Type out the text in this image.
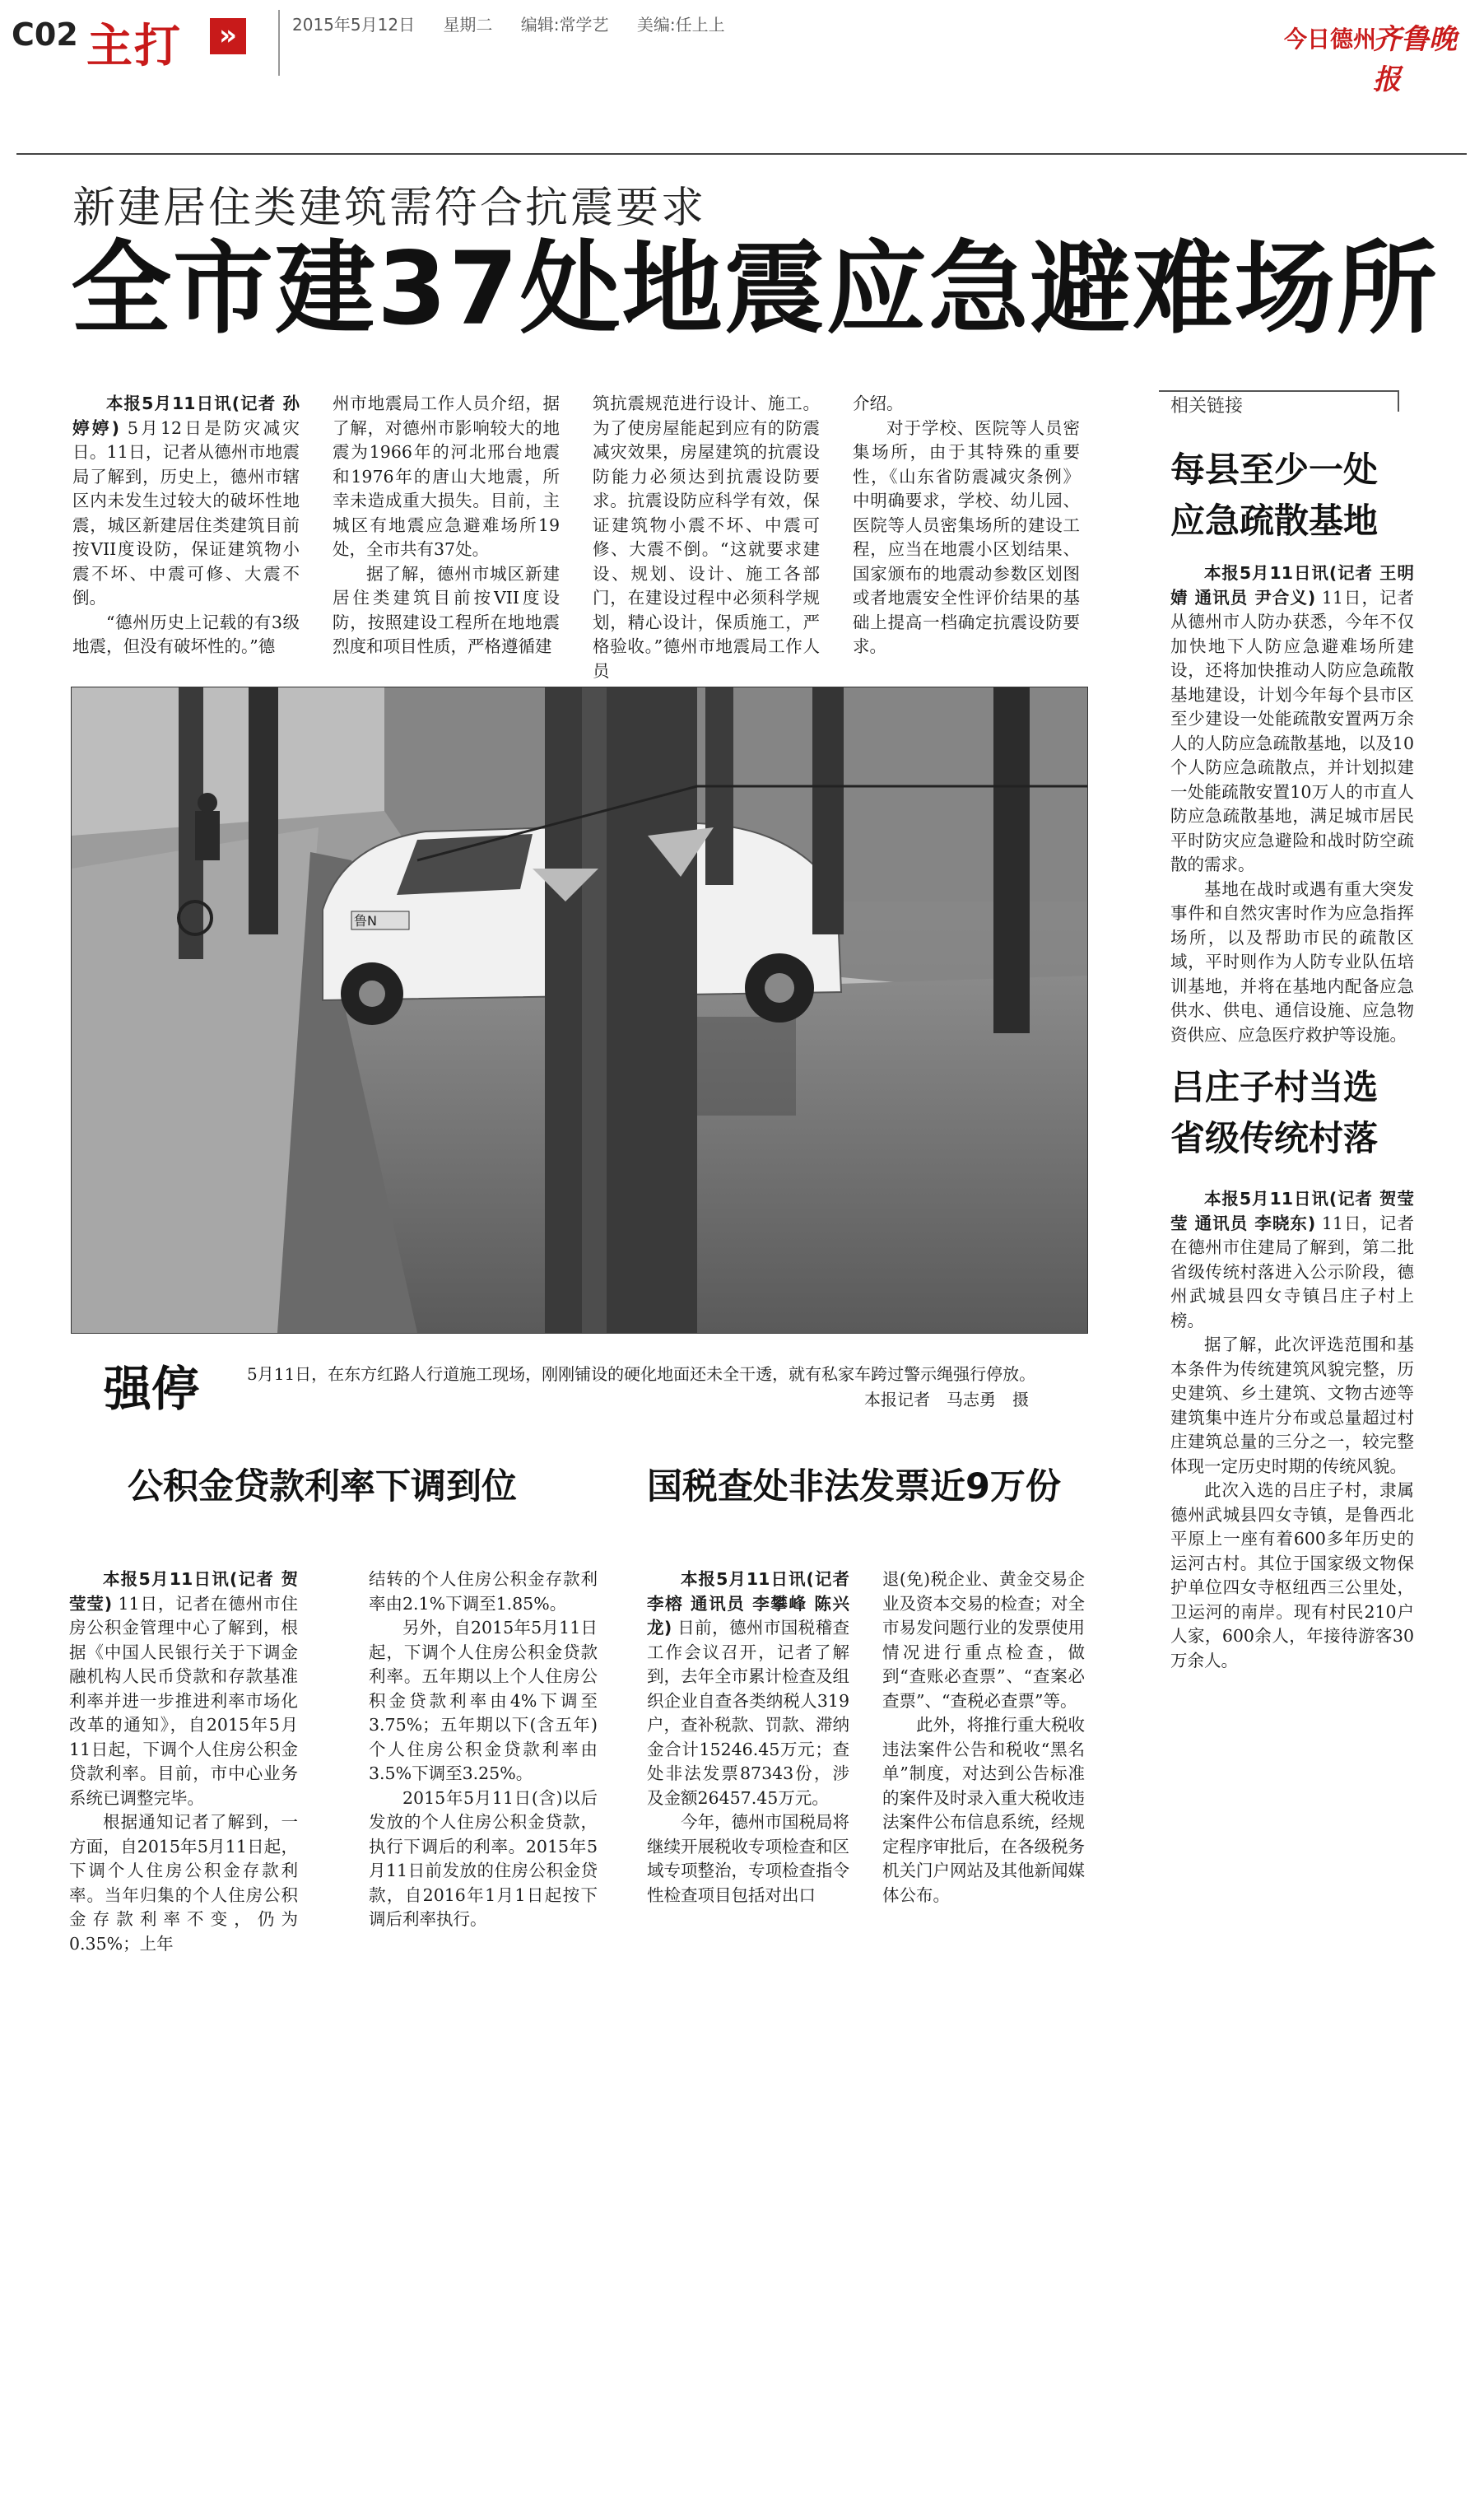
C02 主打	»	2015年5月12日 星期二 编辑:常学艺 美编:任上上
今日德州
齐鲁晚报
新建居住类建筑需符合抗震要求
全市建37处地震应急避难场所

本报5月11日讯(记者 孙婷婷) 5月12日是防灾减灾日。11日，记者从德州市地震局了解到，历史上，德州市辖区内未发生过较大的破坏性地震，城区新建居住类建筑目前按VII度设防，保证建筑物小震不坏、中震可修、大震不倒。

“德州历史上记载的有3级地震，但没有破坏性的。”德

州市地震局工作人员介绍，据了解，对德州市影响较大的地震为1966年的河北邢台地震和1976年的唐山大地震，所幸未造成重大损失。目前，主城区有地震应急避难场所19处，全市共有37处。

据了解，德州市城区新建居住类建筑目前按VII度设防，按照建设工程所在地地震烈度和项目性质，严格遵循建

筑抗震规范进行设计、施工。为了使房屋能起到应有的防震减灾效果，房屋建筑的抗震设防能力必须达到抗震设防要求。抗震设防应科学有效，保证建筑物小震不坏、中震可修、大震不倒。“这就要求建设、规划、设计、施工各部门，在建设过程中必须科学规划，精心设计，保质施工，严格验收。”德州市地震局工作人员

介绍。

对于学校、医院等人员密集场所，由于其特殊的重要性，《山东省防震减灾条例》中明确要求，学校、幼儿园、医院等人员密集场所的建设工程，应当在地震小区划结果、国家颁布的地震动参数区划图或者地震安全性评价结果的基础上提高一档确定抗震设防要求。

鲁N
强停	5月11日，在东方红路人行道施工现场，刚刚铺设的硬化地面还未全干透，就有私家车跨过警示绳强行停放。
本报记者　马志勇　摄
公积金贷款利率下调到位

本报5月11日讯(记者 贺莹莹) 11日，记者在德州市住房公积金管理中心了解到，根据《中国人民银行关于下调金融机构人民币贷款和存款基准利率并进一步推进利率市场化改革的通知》，自2015年5月11日起，下调个人住房公积金贷款利率。目前，市中心业务系统已调整完毕。

根据通知记者了解到，一方面，自2015年5月11日起，下调个人住房公积金存款利率。当年归集的个人住房公积金存款利率不变，仍为0.35%；上年

结转的个人住房公积金存款利率由2.1%下调至1.85%。

另外，自2015年5月11日起，下调个人住房公积金贷款利率。五年期以上个人住房公积金贷款利率由4%下调至3.75%；五年期以下(含五年)个人住房公积金贷款利率由3.5%下调至3.25%。

2015年5月11日(含)以后发放的个人住房公积金贷款，执行下调后的利率。2015年5月11日前发放的住房公积金贷款，自2016年1月1日起按下调后利率执行。

国税查处非法发票近9万份

本报5月11日讯(记者 李榕 通讯员 李攀峰 陈兴龙) 日前，德州市国税稽查工作会议召开，记者了解到，去年全市累计检查及组织企业自查各类纳税人319户，查补税款、罚款、滞纳金合计15246.45万元；查处非法发票87343份，涉及金额26457.45万元。

今年，德州市国税局将继续开展税收专项检查和区域专项整治，专项检查指令性检查项目包括对出口

退(免)税企业、黄金交易企业及资本交易的检查；对全市易发问题行业的发票使用情况进行重点检查，做到“查账必查票”、“查案必查票”、“查税必查票”等。

此外，将推行重大税收违法案件公告和税收“黑名单”制度，对达到公告标准的案件及时录入重大税收违法案件公布信息系统，经规定程序审批后，在各级税务机关门户网站及其他新闻媒体公布。

相关链接
每县至少一处
应急疏散基地

本报5月11日讯(记者 王明婧 通讯员 尹合义) 11日，记者从德州市人防办获悉，今年不仅加快地下人防应急避难场所建设，还将加快推动人防应急疏散基地建设，计划今年每个县市区至少建设一处能疏散安置两万余人的人防应急疏散基地，以及10个人防应急疏散点，并计划拟建一处能疏散安置10万人的市直人防应急疏散基地，满足城市居民平时防灾应急避险和战时防空疏散的需求。

基地在战时或遇有重大突发事件和自然灾害时作为应急指挥场所，以及帮助市民的疏散区域，平时则作为人防专业队伍培训基地，并将在基地内配备应急供水、供电、通信设施、应急物资供应、应急医疗救护等设施。

吕庄子村当选
省级传统村落

本报5月11日讯(记者 贺莹莹 通讯员 李晓东) 11日，记者在德州市住建局了解到，第二批省级传统村落进入公示阶段，德州武城县四女寺镇吕庄子村上榜。

据了解，此次评选范围和基本条件为传统建筑风貌完整，历史建筑、乡土建筑、文物古迹等建筑集中连片分布或总量超过村庄建筑总量的三分之一，较完整体现一定历史时期的传统风貌。

此次入选的吕庄子村，隶属德州武城县四女寺镇，是鲁西北平原上一座有着600多年历史的运河古村。其位于国家级文物保护单位四女寺枢纽西三公里处，卫运河的南岸。现有村民210户人家，600余人，年接待游客30万余人。
